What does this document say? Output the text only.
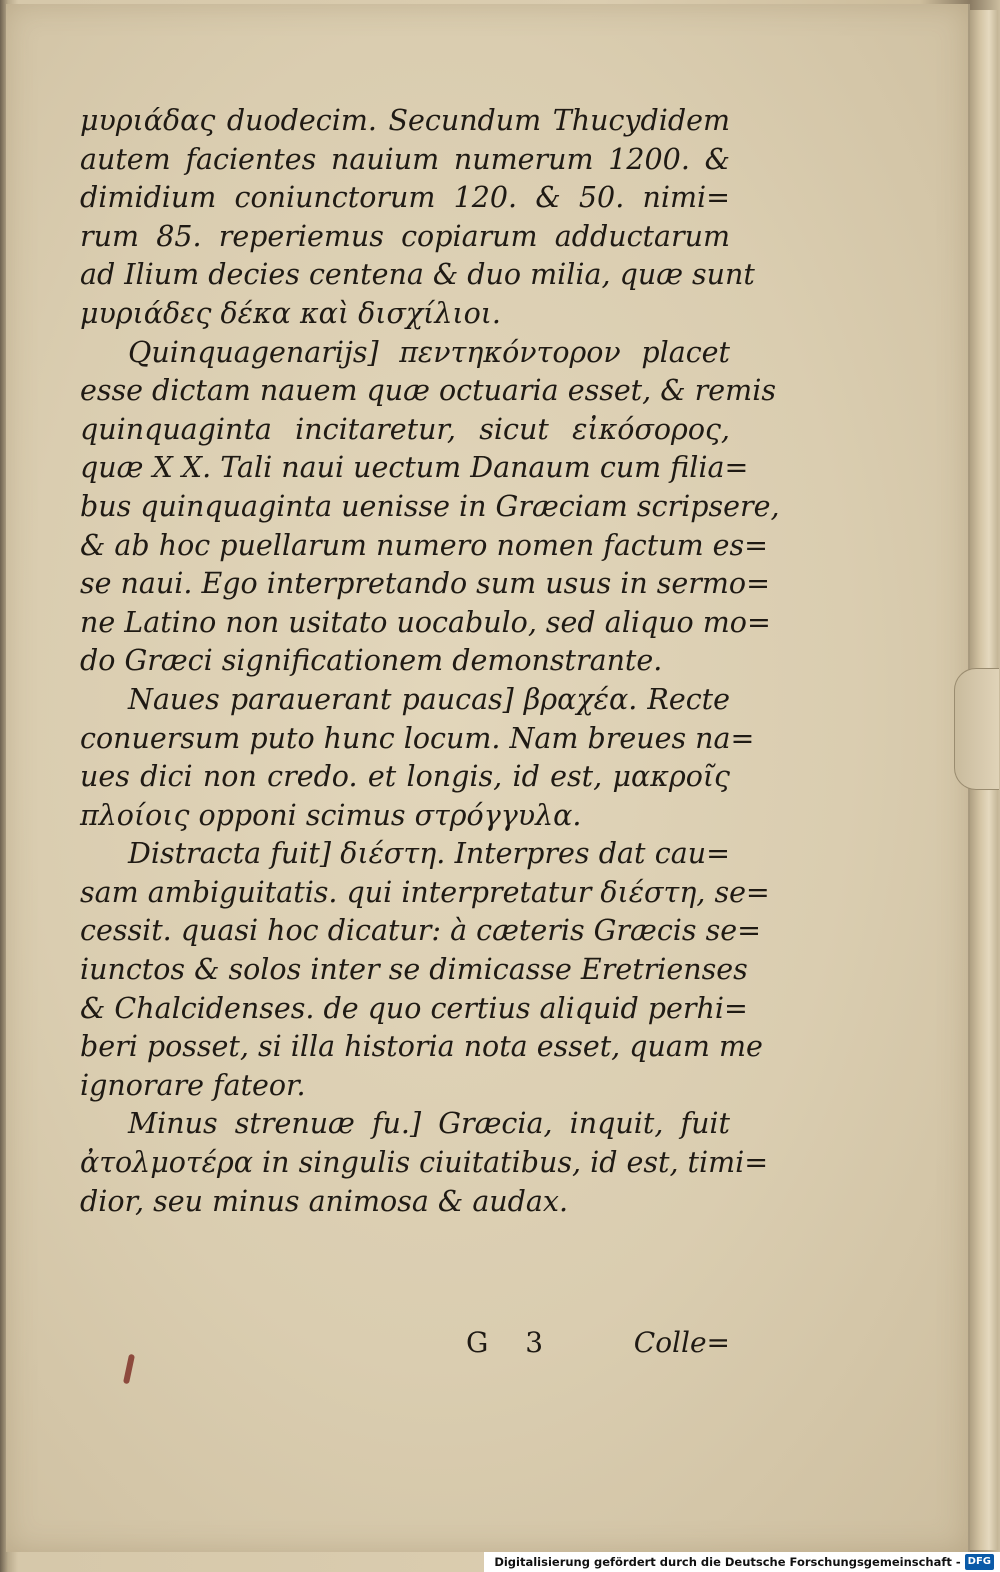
μυριάδας duodecim. Secundum Thucydidem
autem facientes nauium numerum 1200. &
dimidium coniunctorum 120. & 50. nimi=
rum 85. reperiemus copiarum adductarum
ad Ilium decies centena & duo milia, quæ sunt
μυριάδες δέκα καὶ δισχίλιοι.
Quinquagenarijs] πεντηκόντορον placet
esse dictam nauem quæ octuaria esset, & remis
quinquaginta incitaretur, sicut εἰκόσορος,
quæ X X. Tali naui uectum Danaum cum filia=
bus quinquaginta uenisse in Græciam scripsere,
& ab hoc puellarum numero nomen factum es=
se naui. Ego interpretando sum usus in sermo=
ne Latino non usitato uocabulo, sed aliquo mo=
do Græci significationem demonstrante.
Naues parauerant paucas] βραχέα. Recte
conuersum puto hunc locum. Nam breues na=
ues dici non credo. et longis, id est, μακροῖς
πλοίοις opponi scimus στρόγγυλα.
Distracta fuit] διέστη. Interpres dat cau=
sam ambiguitatis. qui interpretatur διέστη, se=
cessit. quasi hoc dicatur: à cæteris Græcis se=
iunctos & solos inter se dimicasse Eretrienses
& Chalcidenses. de quo certius aliquid perhi=
beri posset, si illa historia nota esset, quam me
ignorare fateor.
Minus strenuæ fu.] Græcia, inquit, fuit
ἀτολμοτέρα in singulis ciuitatibus, id est, timi=
dior, seu minus animosa & audax.
G 3	Colle=
Digitalisierung gefördert durch die Deutsche Forschungsgemeinschaft - DFG
